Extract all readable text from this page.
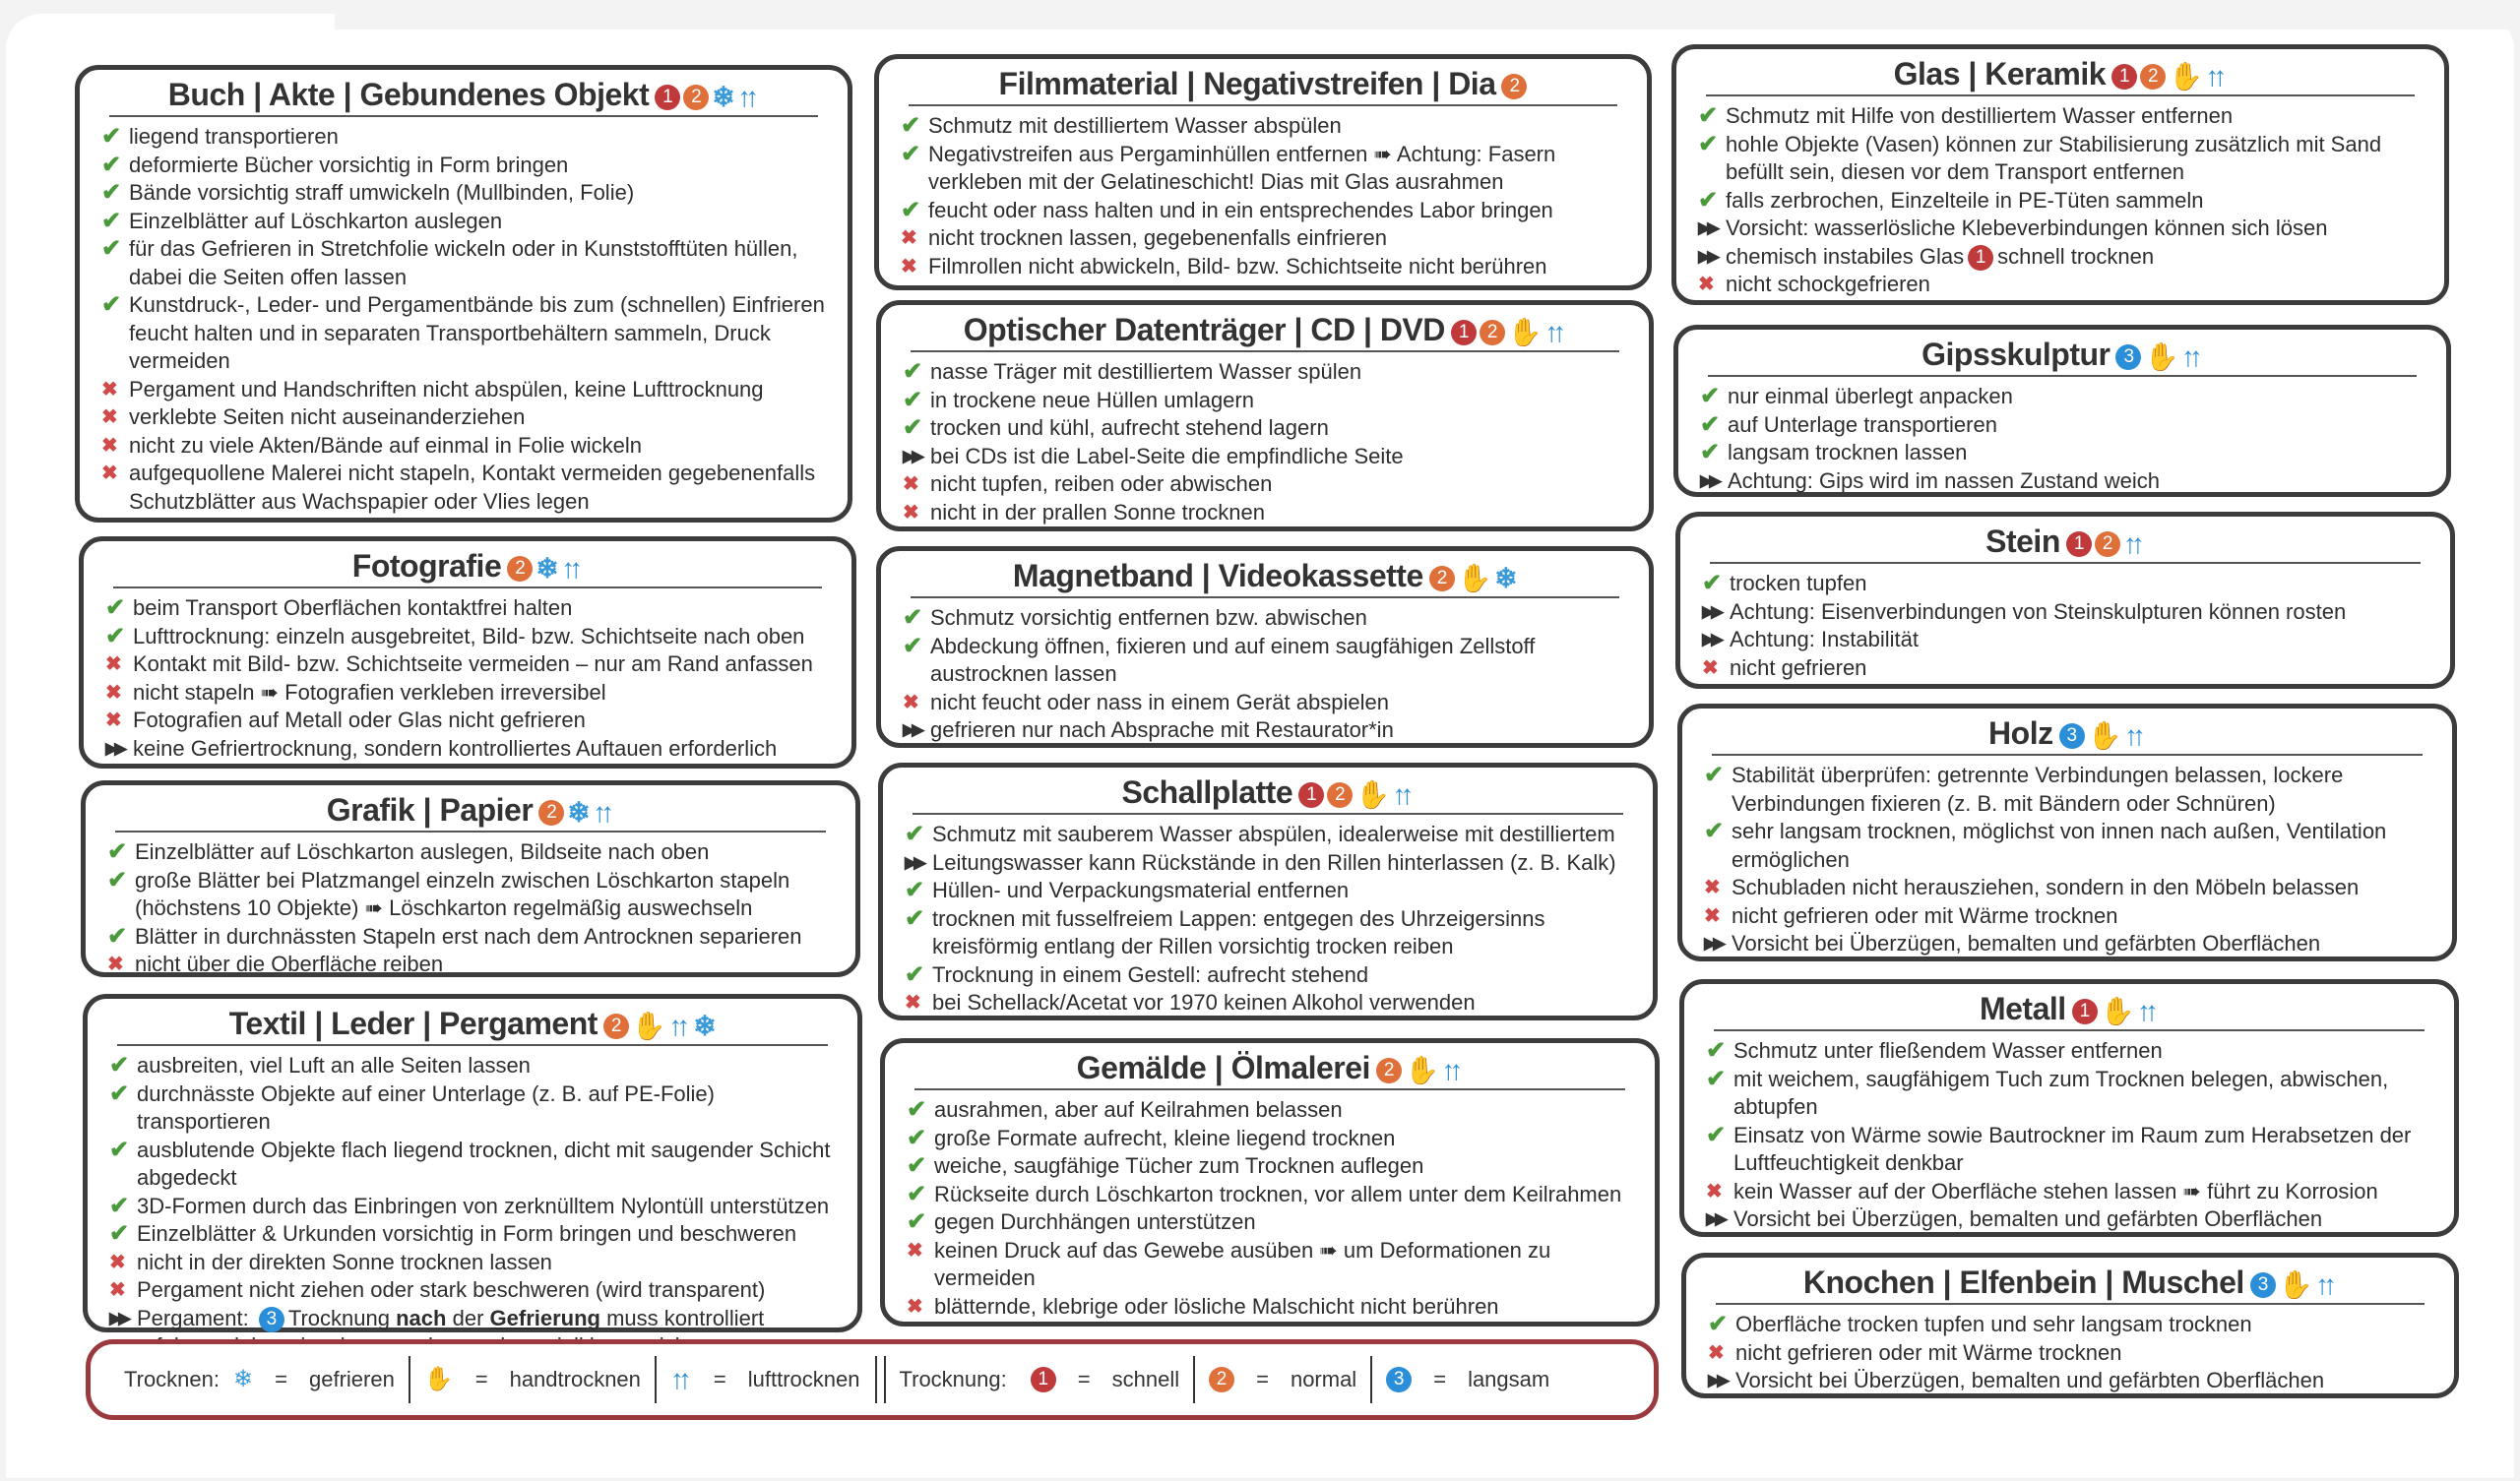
Buch | Akte | Gebundenes Objekt 1 2 ❄ ↑↑
✔ liegend transportieren
✔ deformierte Bücher vorsichtig in Form bringen
✔ Bände vorsichtig straff umwickeln (Mullbinden, Folie)
✔ Einzelblätter auf Löschkarton auslegen
✔ für das Gefrieren in Stretchfolie wickeln oder in Kunststofftüten hüllen, dabei die Seiten offen lassen
✔ Kunstdruck-, Leder- und Pergamentbände bis zum (schnellen) Einfrieren feucht halten und in separaten Transportbehältern sammeln, Druck vermeiden
✖ Pergament und Handschriften nicht abspülen, keine Lufttrocknung
✖ verklebte Seiten nicht auseinanderziehen
✖ nicht zu viele Akten/Bände auf einmal in Folie wickeln
✖ aufgequollene Malerei nicht stapeln, Kontakt vermeiden gegebenenfalls Schutzblätter aus Wachspapier oder Vlies legen
Fotografie 2 ❄ ↑↑
✔ beim Transport Oberflächen kontaktfrei halten
✔ Lufttrocknung: einzeln ausgebreitet, Bild- bzw. Schichtseite nach oben
✖ Kontakt mit Bild- bzw. Schichtseite vermeiden – nur am Rand anfassen
✖ nicht stapeln ➠ Fotografien verkleben irreversibel
✖ Fotografien auf Metall oder Glas nicht gefrieren
▶▶ keine Gefriertrocknung, sondern kontrolliertes Auftauen erforderlich
Grafik | Papier 2 ❄ ↑↑
✔ Einzelblätter auf Löschkarton auslegen, Bildseite nach oben
✔ große Blätter bei Platzmangel einzeln zwischen Löschkarton stapeln (höchstens 10 Objekte) ➠ Löschkarton regelmäßig auswechseln
✔ Blätter in durchnässten Stapeln erst nach dem Antrocknen separieren
✖ nicht über die Oberfläche reiben
Textil | Leder | Pergament 2 ✋ ↑↑ ❄
✔ ausbreiten, viel Luft an alle Seiten lassen
✔ durchnässte Objekte auf einer Unterlage (z. B. auf PE-Folie) transportieren
✔ ausblutende Objekte flach liegend trocknen, dicht mit saugender Schicht abgedeckt
✔ 3D-Formen durch das Einbringen von zerknülltem Nylontüll unterstützen
✔ Einzelblätter & Urkunden vorsichtig in Form bringen und beschweren
✖ nicht in der direkten Sonne trocknen lassen
✖ Pergament nicht ziehen oder stark beschweren (wird transparent)
▶▶ Pergament: 3 Trocknung nach der Gefrierung muss kontrolliert
Filmmaterial | Negativstreifen | Dia 2
✔ Schmutz mit destilliertem Wasser abspülen
✔ Negativstreifen aus Pergaminhüllen entfernen ➠ Achtung: Fasern verkleben mit der Gelatineschicht! Dias mit Glas ausrahmen
✔ feucht oder nass halten und in ein entsprechendes Labor bringen
✖ nicht trocknen lassen, gegebenenfalls einfrieren
✖ Filmrollen nicht abwickeln, Bild- bzw. Schichtseite nicht berühren
Optischer Datenträger | CD | DVD 1 2 ✋ ↑↑
✔ nasse Träger mit destilliertem Wasser spülen
✔ in trockene neue Hüllen umlagern
✔ trocken und kühl, aufrecht stehend lagern
▶▶ bei CDs ist die Label-Seite die empfindliche Seite
✖ nicht tupfen, reiben oder abwischen
✖ nicht in der prallen Sonne trocknen
Magnetband | Videokassette 2 ✋ ❄
✔ Schmutz vorsichtig entfernen bzw. abwischen
✔ Abdeckung öffnen, fixieren und auf einem saugfähigen Zellstoff austrocknen lassen
✖ nicht feucht oder nass in einem Gerät abspielen
▶▶ gefrieren nur nach Absprache mit Restaurator*in
Schallplatte 1 2 ✋ ↑↑
✔ Schmutz mit sauberem Wasser abspülen, idealerweise mit destilliertem
▶▶ Leitungswasser kann Rückstände in den Rillen hinterlassen (z. B. Kalk)
✔ Hüllen- und Verpackungsmaterial entfernen
✔ trocknen mit fusselfreiem Lappen: entgegen des Uhrzeigersinns kreisförmig entlang der Rillen vorsichtig trocken reiben
✔ Trocknung in einem Gestell: aufrecht stehend
✖ bei Schellack/Acetat vor 1970 keinen Alkohol verwenden
Gemälde | Ölmalerei 2 ✋ ↑↑
✔ ausrahmen, aber auf Keilrahmen belassen
✔ große Formate aufrecht, kleine liegend trocknen
✔ weiche, saugfähige Tücher zum Trocknen auflegen
✔ Rückseite durch Löschkarton trocknen, vor allem unter dem Keilrahmen
✔ gegen Durchhängen unterstützen
✖ keinen Druck auf das Gewebe ausüben ➠ um Deformationen zu vermeiden
✖ blätternde, klebrige oder lösliche Malschicht nicht berühren
Glas | Keramik 1 2 ✋ ↑↑
✔ Schmutz mit Hilfe von destilliertem Wasser entfernen
✔ hohle Objekte (Vasen) können zur Stabilisierung zusätzlich mit Sand befüllt sein, diesen vor dem Transport entfernen
✔ falls zerbrochen, Einzelteile in PE-Tüten sammeln
▶▶ Vorsicht: wasserlösliche Klebeverbindungen können sich lösen
▶▶ chemisch instabiles Glas 1 schnell trocknen
✖ nicht schockgefrieren
Gipsskulptur 3 ✋ ↑↑
✔ nur einmal überlegt anpacken
✔ auf Unterlage transportieren
✔ langsam trocknen lassen
▶▶ Achtung: Gips wird im nassen Zustand weich
Stein 1 2 ↑↑
✔ trocken tupfen
▶▶ Achtung: Eisenverbindungen von Steinskulpturen können rosten
▶▶ Achtung: Instabilität
✖ nicht gefrieren
Holz 3 ✋ ↑↑
✔ Stabilität überprüfen: getrennte Verbindungen belassen, lockere Verbindungen fixieren (z. B. mit Bändern oder Schnüren)
✔ sehr langsam trocknen, möglichst von innen nach außen, Ventilation ermöglichen
✖ Schubladen nicht herausziehen, sondern in den Möbeln belassen
✖ nicht gefrieren oder mit Wärme trocknen
▶▶ Vorsicht bei Überzügen, bemalten und gefärbten Oberflächen
Metall 1 ✋ ↑↑
✔ Schmutz unter fließendem Wasser entfernen
✔ mit weichem, saugfähigem Tuch zum Trocknen belegen, abwischen, abtupfen
✔ Einsatz von Wärme sowie Bautrockner im Raum zum Herabsetzen der Luftfeuchtigkeit denkbar
✖ kein Wasser auf der Oberfläche stehen lassen ➠ führt zu Korrosion
▶▶ Vorsicht bei Überzügen, bemalten und gefärbten Oberflächen
Knochen | Elfenbein | Muschel 3 ✋ ↑↑
✔ Oberfläche trocken tupfen und sehr langsam trocknen
✖ nicht gefrieren oder mit Wärme trocknen
▶▶ Vorsicht bei Überzügen, bemalten und gefärbten Oberflächen
Trocknen: ❄ = gefrieren ✋ = handtrocknen ↑↑ = lufttrocknen Trocknung:	1	= schnell	2	= normal	3	= langsam
